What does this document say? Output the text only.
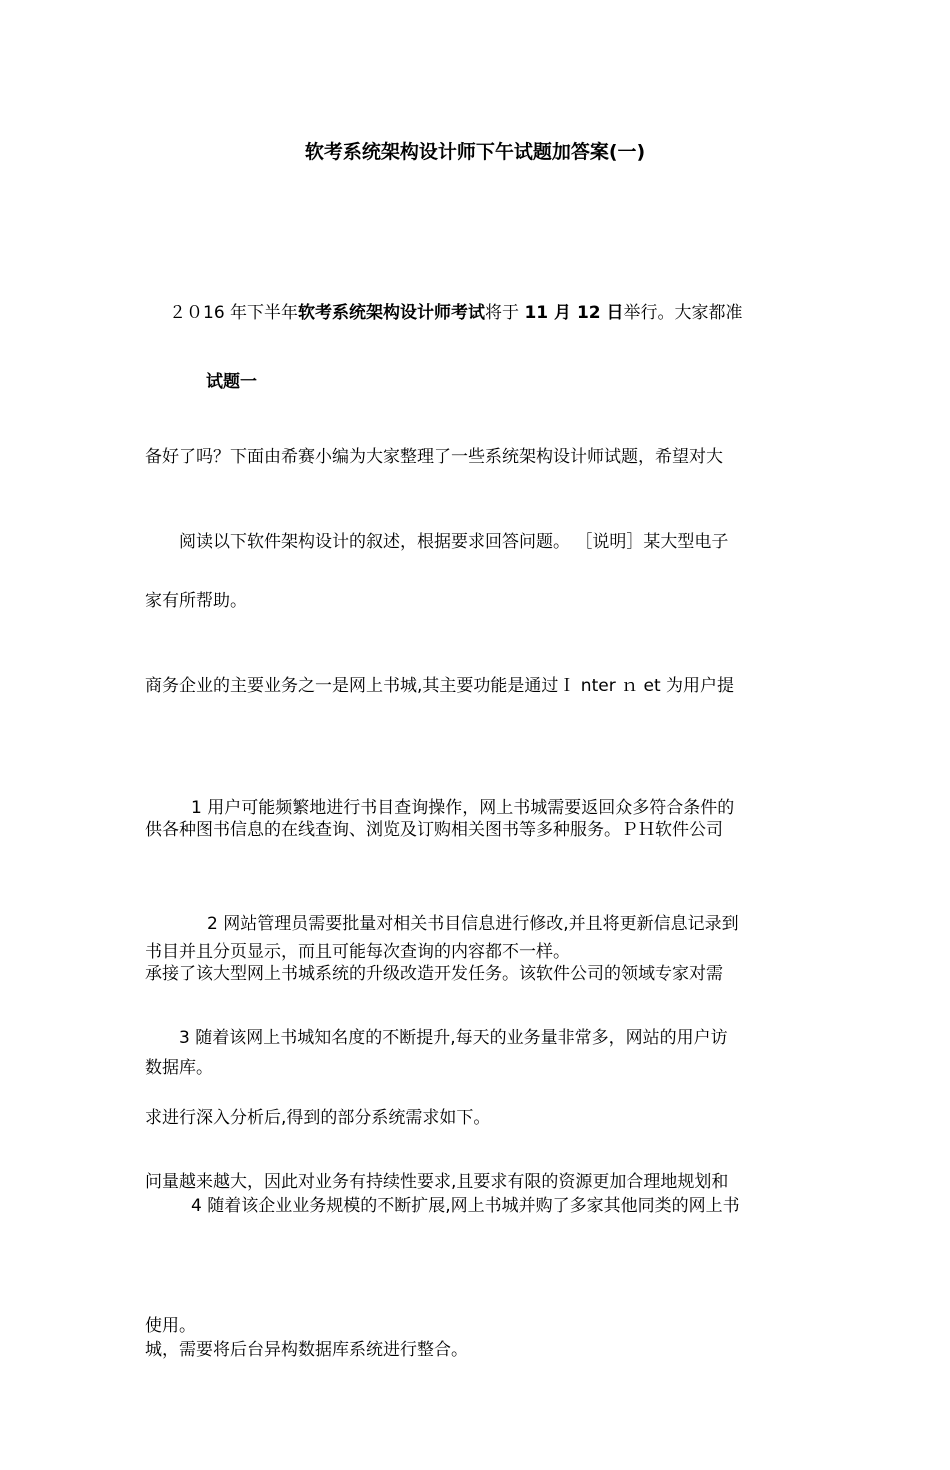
软考系统架构设计师下午试题加答案(一)

２０16 年下半年软考系统架构设计师考试将于 11 月 12 日举行。大家都准

备好了吗？下面由希赛小编为大家整理了一些系统架构设计师试题，希望对大

家有所帮助。

试题一

阅读以下软件架构设计的叙述，根据要求回答问题。 ［说明］某大型电子

商务企业的主要业务之一是网上书城,其主要功能是通过Ｉ nter ｎ et 为用户提

供各种图书信息的在线查询、浏览及订购相关图书等多种服务。ＰＨ软件公司

承接了该大型网上书城系统的升级改造开发任务。该软件公司的领域专家对需

求进行深入分析后,得到的部分系统需求如下。

1 用户可能频繁地进行书目查询操作，网上书城需要返回众多符合条件的

书目并且分页显示，而且可能每次查询的内容都不一样。

2 网站管理员需要批量对相关书目信息进行修改,并且将更新信息记录到

数据库。

3 随着该网上书城知名度的不断提升,每天的业务量非常多，网站的用户访

问量越来越大，因此对业务有持续性要求,且要求有限的资源更加合理地规划和

使用。

4 随着该企业业务规模的不断扩展,网上书城并购了多家其他同类的网上书

城，需要将后台异构数据库系统进行整合。
